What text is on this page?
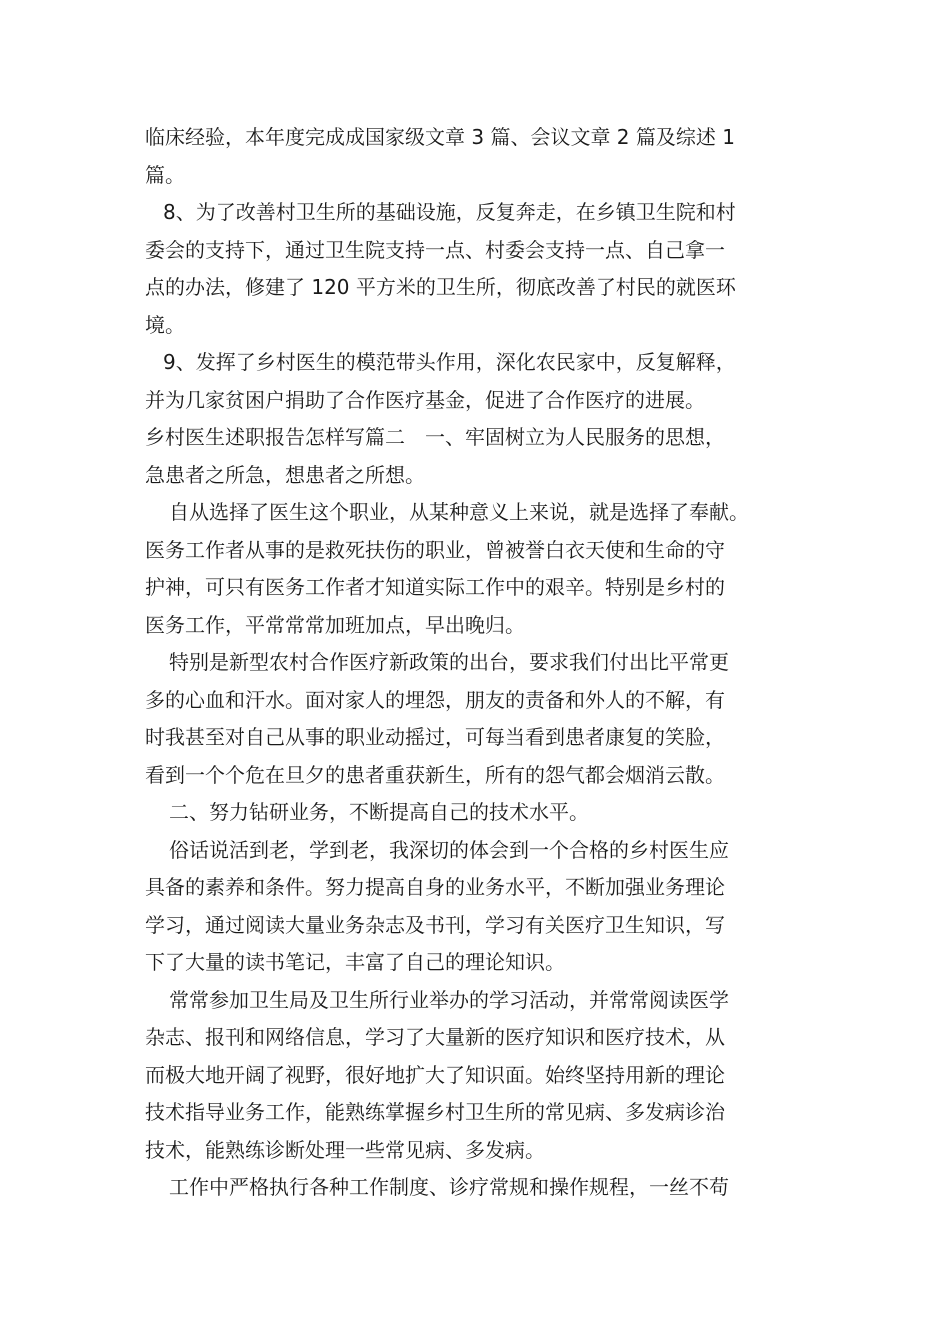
临床经验，本年度完成成国家级文章 3 篇、会议文章 2 篇及综述 1
篇。
8、为了改善村卫生所的基础设施，反复奔走，在乡镇卫生院和村
委会的支持下，通过卫生院支持一点、村委会支持一点、自己拿一
点的办法，修建了 120 平方米的卫生所，彻底改善了村民的就医环
境。
9、发挥了乡村医生的模范带头作用，深化农民家中，反复解释，
并为几家贫困户捐助了合作医疗基金，促进了合作医疗的进展。
乡村医生述职报告怎样写篇二　一、牢固树立为人民服务的思想，
急患者之所急，想患者之所想。
自从选择了医生这个职业，从某种意义上来说，就是选择了奉献。
医务工作者从事的是救死扶伤的职业，曾被誉白衣天使和生命的守
护神，可只有医务工作者才知道实际工作中的艰辛。特别是乡村的
医务工作，平常常常加班加点，早出晚归。
特别是新型农村合作医疗新政策的出台，要求我们付出比平常更
多的心血和汗水。面对家人的埋怨，朋友的责备和外人的不解，有
时我甚至对自己从事的职业动摇过，可每当看到患者康复的笑脸，
看到一个个危在旦夕的患者重获新生，所有的怨气都会烟消云散。
二、努力钻研业务，不断提高自己的技术水平。
俗话说活到老，学到老，我深切的体会到一个合格的乡村医生应
具备的素养和条件。努力提高自身的业务水平，不断加强业务理论
学习，通过阅读大量业务杂志及书刊，学习有关医疗卫生知识，写
下了大量的读书笔记，丰富了自己的理论知识。
常常参加卫生局及卫生所行业举办的学习活动，并常常阅读医学
杂志、报刊和网络信息，学习了大量新的医疗知识和医疗技术，从
而极大地开阔了视野，很好地扩大了知识面。始终坚持用新的理论
技术指导业务工作，能熟练掌握乡村卫生所的常见病、多发病诊治
技术，能熟练诊断处理一些常见病、多发病。
工作中严格执行各种工作制度、诊疗常规和操作规程，一丝不苟
